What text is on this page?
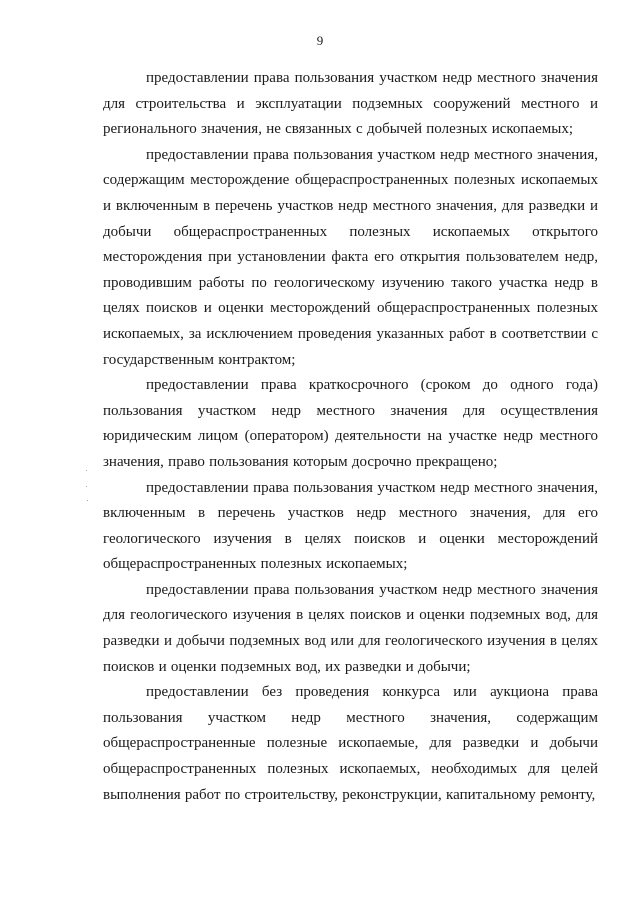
9

предоставлении права пользования участком недр местного значения для строительства и эксплуатации подземных сооружений местного и регионального значения, не связанных с добычей полезных ископаемых;

предоставлении права пользования участком недр местного значения, содержащим месторождение общераспространенных полезных ископаемых и включенным в перечень участков недр местного значения, для разведки и добычи общераспространенных полезных ископаемых открытого месторождения при установлении факта его открытия пользователем недр, проводившим работы по геологическому изучению такого участка недр в целях поисков и оценки месторождений общераспространенных полезных ископаемых, за исключением проведения указанных работ в соответствии с государственным контрактом;

предоставлении права краткосрочного (сроком до одного года) пользования участком недр местного значения для осуществления юридическим лицом (оператором) деятельности на участке недр местного значения, право пользования которым досрочно прекращено;

предоставлении права пользования участком недр местного значения, включенным в перечень участков недр местного значения, для его геологического изучения в целях поисков и оценки месторождений общераспространенных полезных ископаемых;

предоставлении права пользования участком недр местного значения для геологического изучения в целях поисков и оценки подземных вод, для разведки и добычи подземных вод или для геологического изучения в целях поисков и оценки подземных вод, их разведки и добычи;

предоставлении без проведения конкурса или аукциона права пользования участком недр местного значения, содержащим общераспространенные полезные ископаемые, для разведки и добычи общераспространенных полезных ископаемых, необходимых для целей выполнения работ по строительству, реконструкции, капитальному ремонту,
